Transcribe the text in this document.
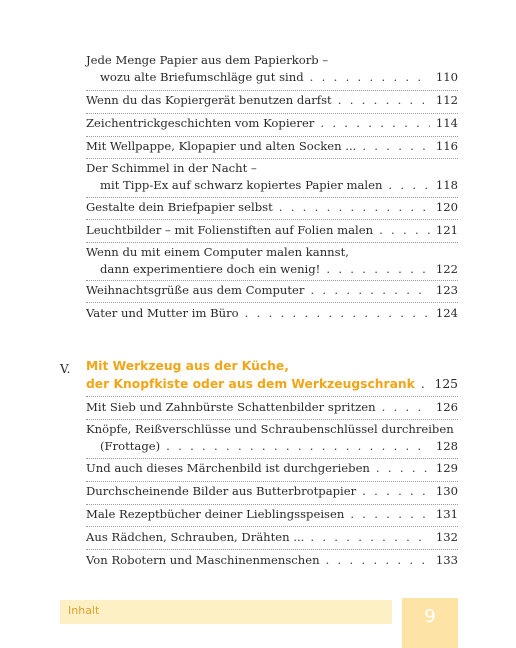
Jede Menge Papier aus dem Papierkorb –
wozu alte Briefumschläge gut sind . . .	110
Wenn du das Kopiergerät benutzen darfst . . .	112
Zeichentrickgeschichten vom Kopierer . . .	114
Mit Wellpappe, Klopapier und alten Socken ... . . .	116
Der Schimmel in der Nacht –
mit Tipp-Ex auf schwarz kopiertes Papier malen . . .	118
Gestalte dein Briefpapier selbst . . .	120
Leuchtbilder – mit Folienstiften auf Folien malen . . .	121
Wenn du mit einem Computer malen kannst,
dann experimentiere doch ein wenig! . . .	122
Weihnachtsgrüße aus dem Computer . . .	123
Vater und Mutter im Büro . . .	124
V. Mit Werkzeug aus der Küche,
der Knopfkiste oder aus dem Werkzeugschrank . . . 125
Mit Sieb und Zahnbürste Schattenbilder spritzen . . .	126
Knöpfe, Reißverschlüsse und Schraubenschlüssel durchreiben
(Frottage) . . .	128
Und auch dieses Märchenbild ist durchgerieben . . .	129
Durchscheinende Bilder aus Butterbrotpapier . . .	130
Male Rezeptbücher deiner Lieblingsspeisen . . .	131
Aus Rädchen, Schrauben, Drähten ... . . .	132
Von Robotern und Maschinenmenschen . . .	133
Inhalt	9
